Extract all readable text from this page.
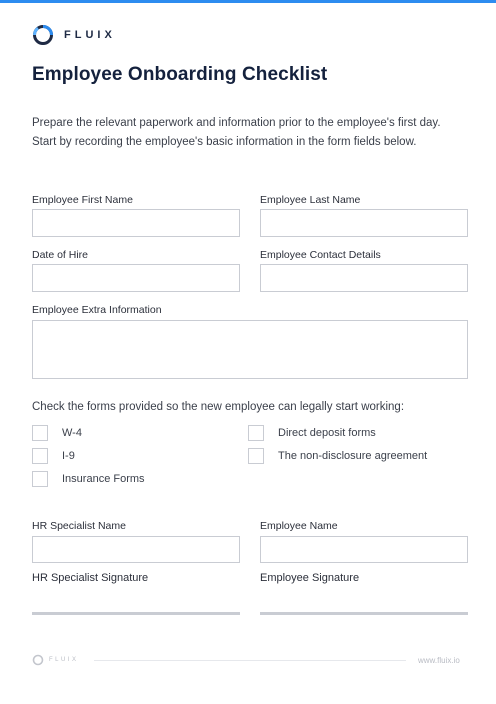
FLUIX
Employee Onboarding Checklist
Prepare the relevant paperwork and information prior to the employee's first day. Start by recording the employee's basic information in the form fields below.
Employee First Name	Employee Last Name
Date of Hire	Employee Contact Details
Employee Extra Information
Check the forms provided so the new employee can legally start working:
W-4	Direct deposit forms
I-9	The non-disclosure agreement
Insurance Forms
HR Specialist Name	Employee Name
HR Specialist Signature	Employee Signature
FLUIX	www.fluix.io
